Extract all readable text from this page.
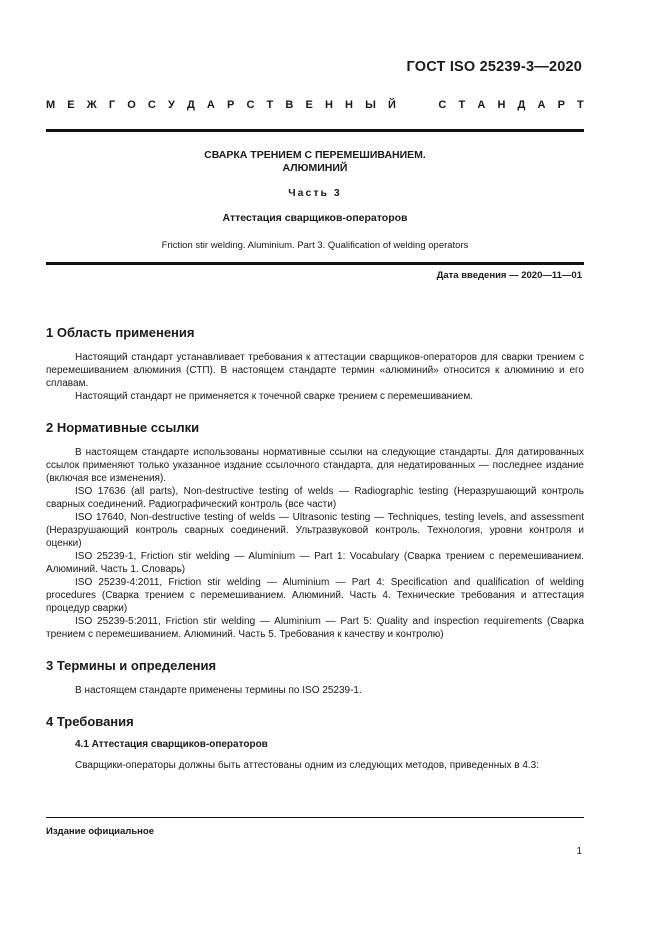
ГОСТ ISO 25239-3—2020
М Е Ж Г О С У Д А Р С Т В Е Н Н Ы Й

	С Т А Н Д А Р Т
СВАРКА ТРЕНИЕМ С ПЕРЕМЕШИВАНИЕМ.
АЛЮМИНИЙ
Часть 3
Аттестация сварщиков-операторов
Friction stir welding. Aluminium. Part 3. Qualification of welding operators
Дата введения — 2020—11—01
1 Область применения

Настоящий стандарт устанавливает требования к аттестации сварщиков-операторов для сварки трением с перемешиванием алюминия (СТП). В настоящем стандарте термин «алюминий» относится к алюминию и его сплавам.

Настоящий стандарт не применяется к точечной сварке трением с перемешиванием.

2 Нормативные ссылки

В настоящем стандарте использованы нормативные ссылки на следующие стандарты. Для датированных ссылок применяют только указанное издание ссылочного стандарта, для недатированных — последнее издание (включая все изменения).

ISO 17636 (all parts), Non-destructive testing of welds — Radiographic testing (Неразрушающий контроль сварных соединений. Радиографический контроль (все части)

ISO 17640, Non-destructive testing of welds — Ultrasonic testing — Techniques, testing levels, and assessment (Неразрушающий контроль сварных соединений. Ультразвуковой контроль. Технология, уровни контроля и оценки)

ISO 25239-1, Friction stir welding — Aluminium — Part 1: Vocabulary (Сварка трением с перемешиванием. Алюминий. Часть 1. Словарь)

ISO 25239-4:2011, Friction stir welding — Aluminium — Part 4: Specification and qualification of welding procedures (Сварка трением с перемешиванием. Алюминий. Часть 4. Технические требования и аттестация процедур сварки)

ISO 25239-5:2011, Friction stir welding — Aluminium — Part 5: Quality and inspection requirements (Сварка трением с перемешиванием. Алюминий. Часть 5. Требования к качеству и контролю)

3 Термины и определения

В настоящем стандарте применены термины по ISO 25239-1.

4 Требования
4.1 Аттестация сварщиков-операторов

Сварщики-операторы должны быть аттестованы одним из следующих методов, приведенных в 4.3:

Издание официальное
1
